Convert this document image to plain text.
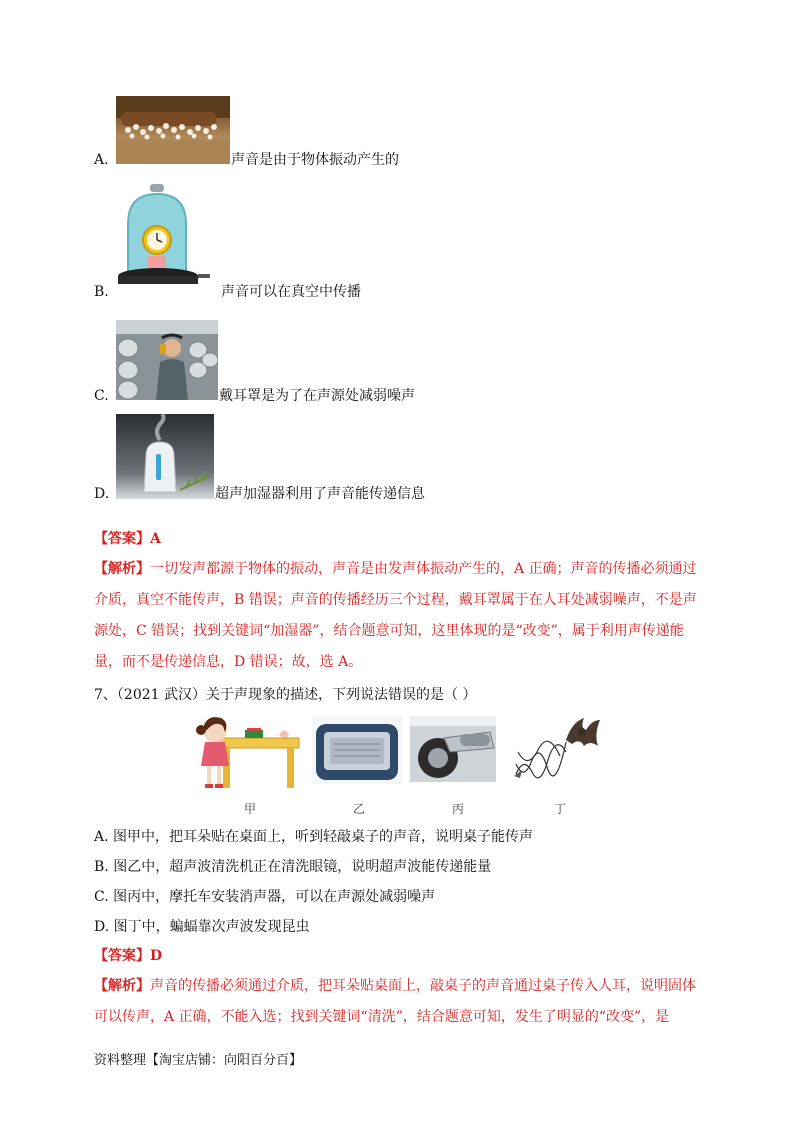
A.	声音是由于物体振动产生的
B.	声音可以在真空中传播
C.	戴耳罩是为了在声源处减弱噪声
D.	超声加湿器利用了声音能传递信息
【答案】A
【解析】一切发声都源于物体的振动，声音是由发声体振动产生的，A 正确；声音的传播必须通过介质，真空不能传声，B 错误；声音的传播经历三个过程，戴耳罩属于在人耳处减弱噪声，不是声源处，C 错误；找到关键词“加湿器”，结合题意可知，这里体现的是“改变”，属于利用声传递能量，而不是传递信息，D 错误；故，选 A。
7、（2021 武汉）关于声现象的描述，下列说法错误的是（ ）
甲	乙	丙	丁
A. 图甲中，把耳朵贴在桌面上，听到轻敲桌子的声音，说明桌子能传声
B. 图乙中，超声波清洗机正在清洗眼镜，说明超声波能传递能量
C. 图丙中，摩托车安装消声器，可以在声源处减弱噪声
D. 图丁中，蝙蝠靠次声波发现昆虫
【答案】D
【解析】声音的传播必须通过介质，把耳朵贴桌面上，敲桌子的声音通过桌子传入人耳，说明固体可以传声，A 正确，不能入选；找到关键词“清洗”，结合题意可知，发生了明显的“改变”，是
资料整理【淘宝店铺：向阳百分百】
